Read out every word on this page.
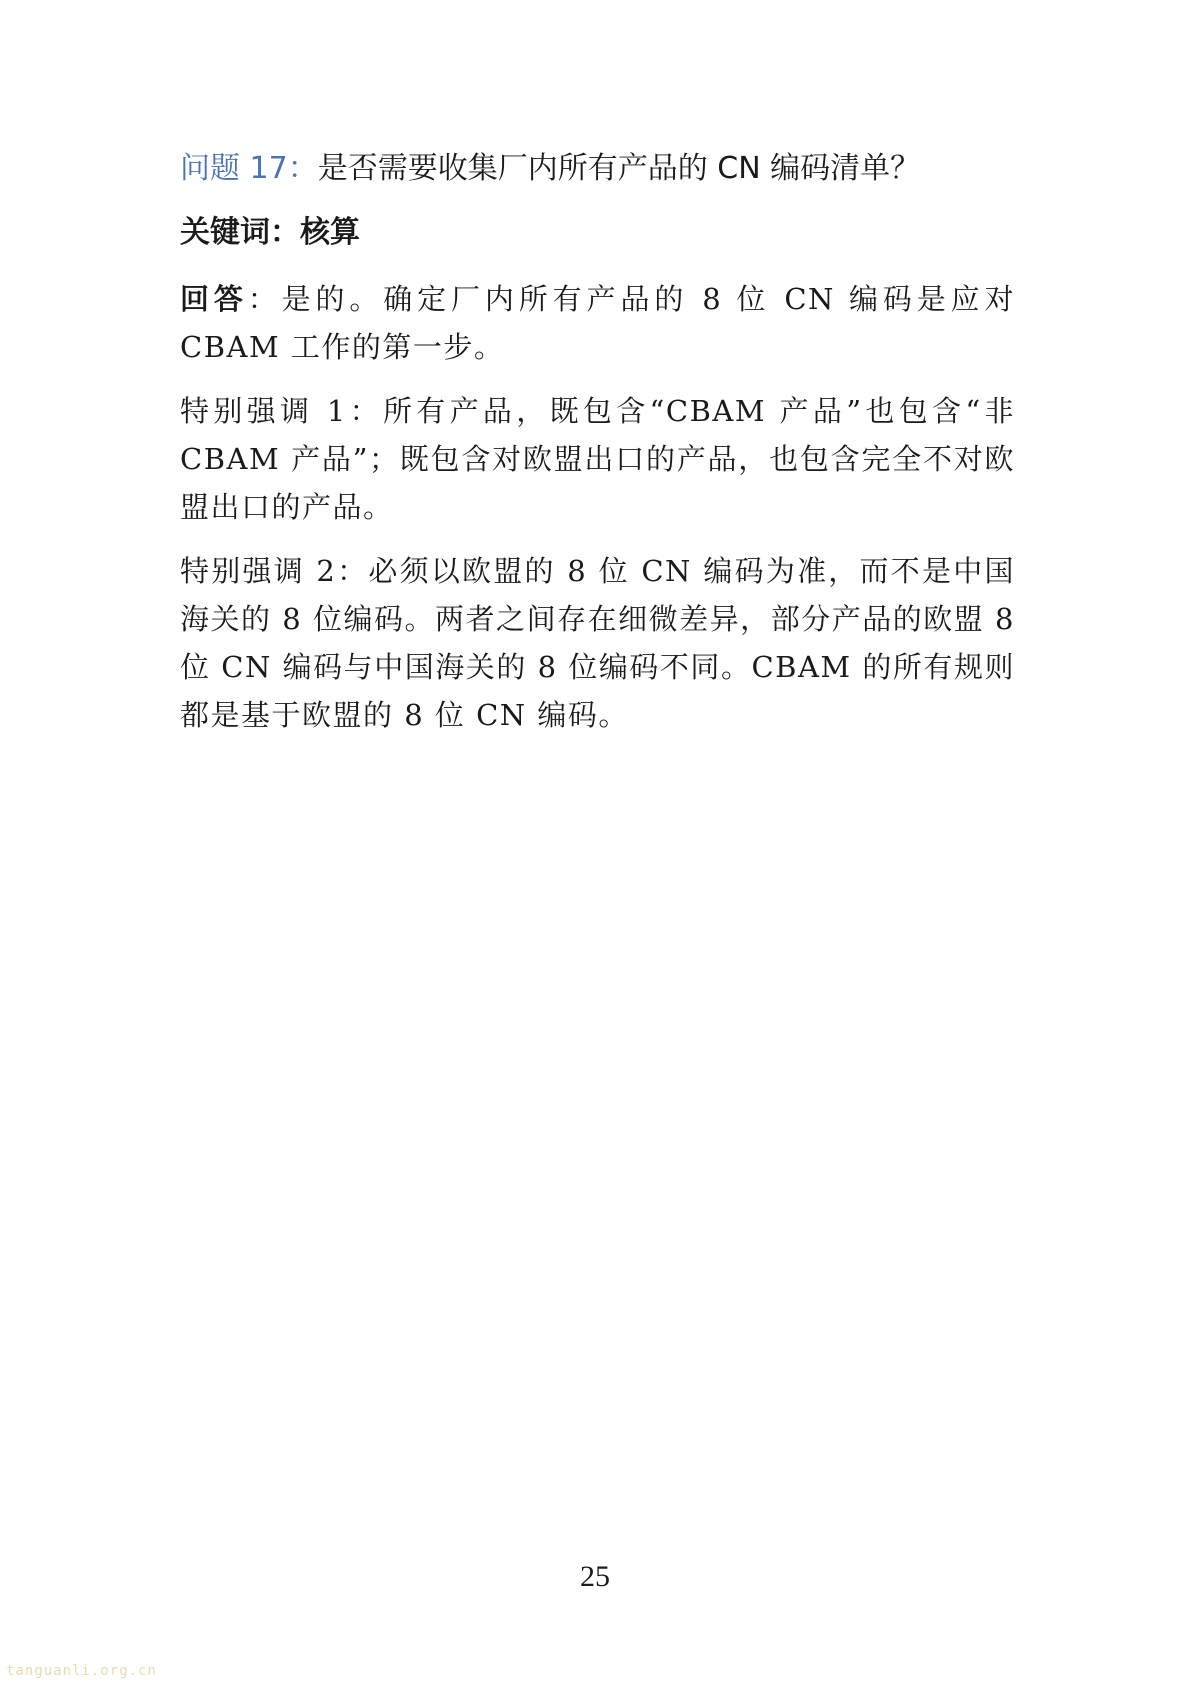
问题 17：是否需要收集厂内所有产品的 CN 编码清单？

关键词：核算

回答：是的。确定厂内所有产品的 8 位 CN 编码是应对 CBAM 工作的第一步。

特别强调 1：所有产品，既包含“CBAM 产品”也包含“非 CBAM 产品”；既包含对欧盟出口的产品，也包含完全不对欧盟出口的产品。

特别强调 2：必须以欧盟的 8 位 CN 编码为准，而不是中国海关的 8 位编码。两者之间存在细微差异，部分产品的欧盟 8 位 CN 编码与中国海关的 8 位编码不同。CBAM 的所有规则都是基于欧盟的 8 位 CN 编码。

25
tanguanli.org.cn
